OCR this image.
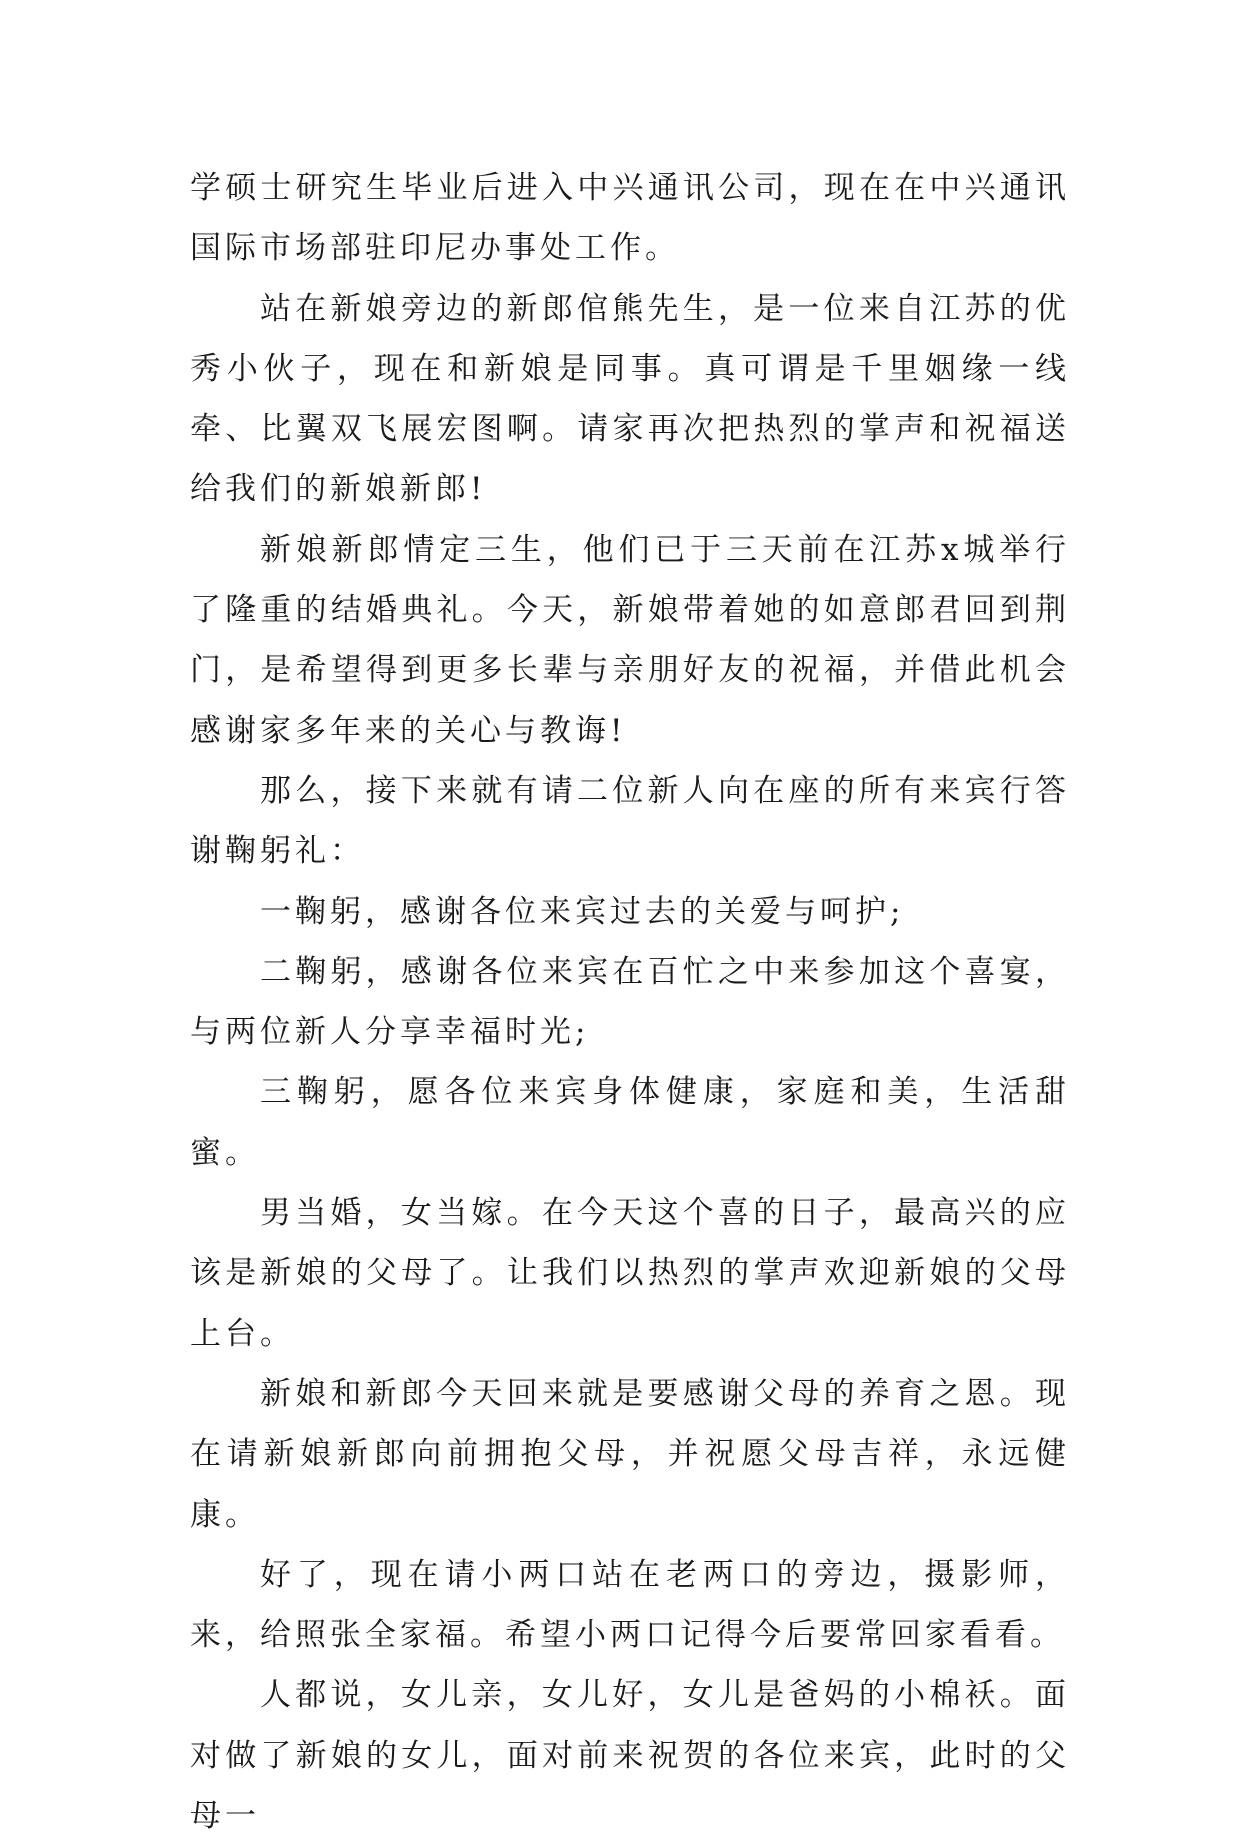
学硕士研究生毕业后进入中兴通讯公司，现在在中兴通讯国际市场部驻印尼办事处工作。

站在新娘旁边的新郎倌熊先生，是一位来自江苏的优秀小伙子，现在和新娘是同事。真可谓是千里姻缘一线牵、比翼双飞展宏图啊。请家再次把热烈的掌声和祝福送给我们的新娘新郎!

新娘新郎情定三生，他们已于三天前在江苏x城举行了隆重的结婚典礼。今天，新娘带着她的如意郎君回到荆门，是希望得到更多长辈与亲朋好友的祝福，并借此机会感谢家多年来的关心与教诲!

那么，接下来就有请二位新人向在座的所有来宾行答谢鞠躬礼：

一鞠躬，感谢各位来宾过去的关爱与呵护;

二鞠躬，感谢各位来宾在百忙之中来参加这个喜宴，与两位新人分享幸福时光;

三鞠躬，愿各位来宾身体健康，家庭和美，生活甜蜜。

男当婚，女当嫁。在今天这个喜的日子，最高兴的应该是新娘的父母了。让我们以热烈的掌声欢迎新娘的父母上台。

新娘和新郎今天回来就是要感谢父母的养育之恩。现在请新娘新郎向前拥抱父母，并祝愿父母吉祥，永远健康。

好了，现在请小两口站在老两口的旁边，摄影师，来，给照张全家福。希望小两口记得今后要常回家看看。

人都说，女儿亲，女儿好，女儿是爸妈的小棉袄。面对做了新娘的女儿，面对前来祝贺的各位来宾，此时的父母一
